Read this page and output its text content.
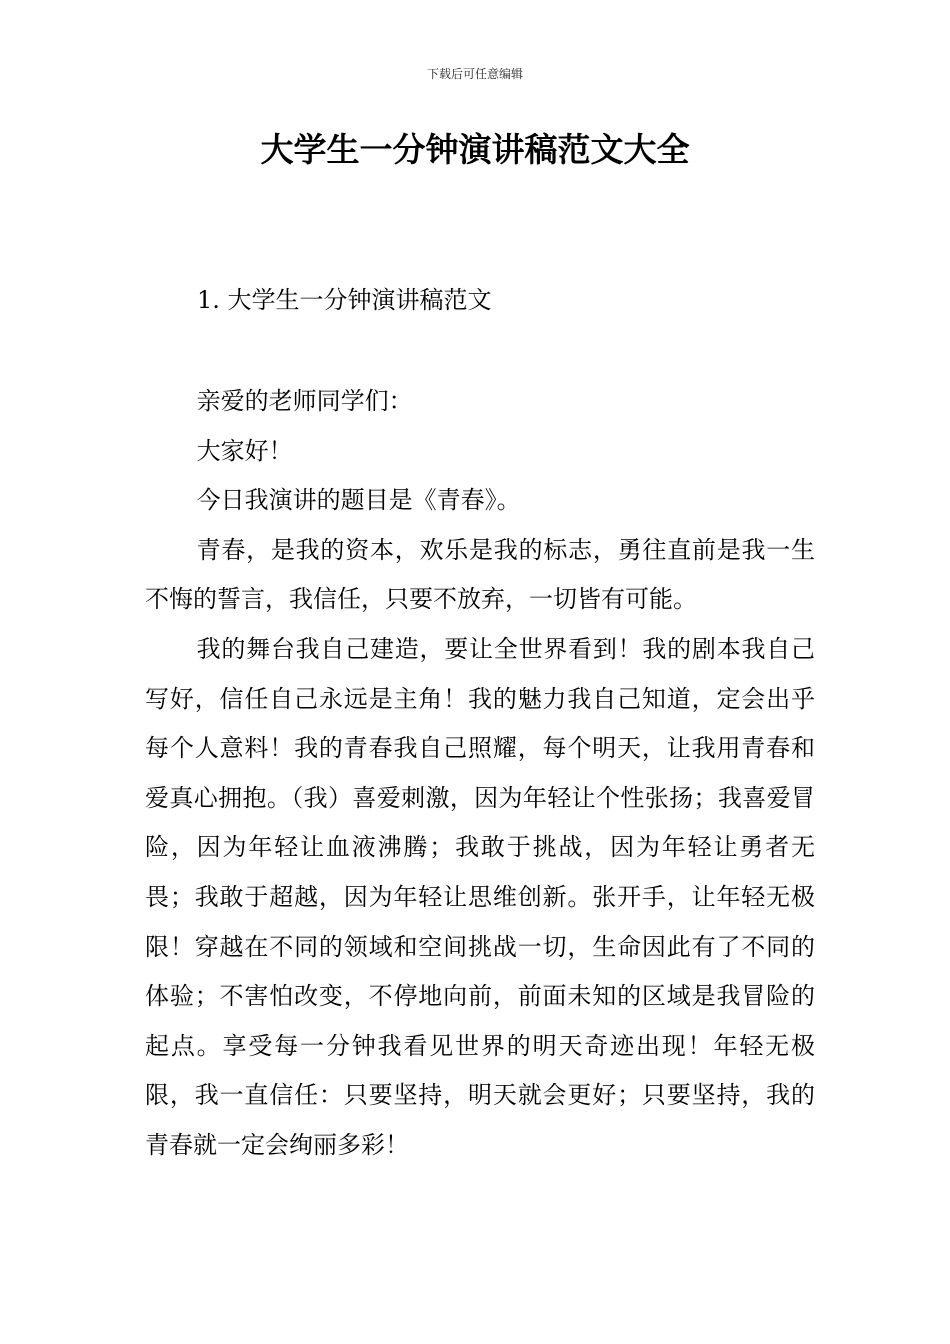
下载后可任意编辑
大学生一分钟演讲稿范文大全
1. 大学生一分钟演讲稿范文

亲爱的老师同学们：

大家好！

今日我演讲的题目是《青春》。

青春，是我的资本，欢乐是我的标志，勇往直前是我一生不悔的誓言，我信任，只要不放弃，一切皆有可能。

我的舞台我自己建造，要让全世界看到！我的剧本我自己写好，信任自己永远是主角！我的魅力我自己知道，定会出乎每个人意料！我的青春我自己照耀，每个明天，让我用青春和爱真心拥抱。（我）喜爱刺激，因为年轻让个性张扬；我喜爱冒险，因为年轻让血液沸腾；我敢于挑战，因为年轻让勇者无畏；我敢于超越，因为年轻让思维创新。张开手，让年轻无极限！穿越在不同的领域和空间挑战一切，生命因此有了不同的体验；不害怕改变，不停地向前，前面未知的区域是我冒险的起点。享受每一分钟我看见世界的明天奇迹出现！年轻无极限，我一直信任：只要坚持，明天就会更好；只要坚持，我的青春就一定会绚丽多彩！
